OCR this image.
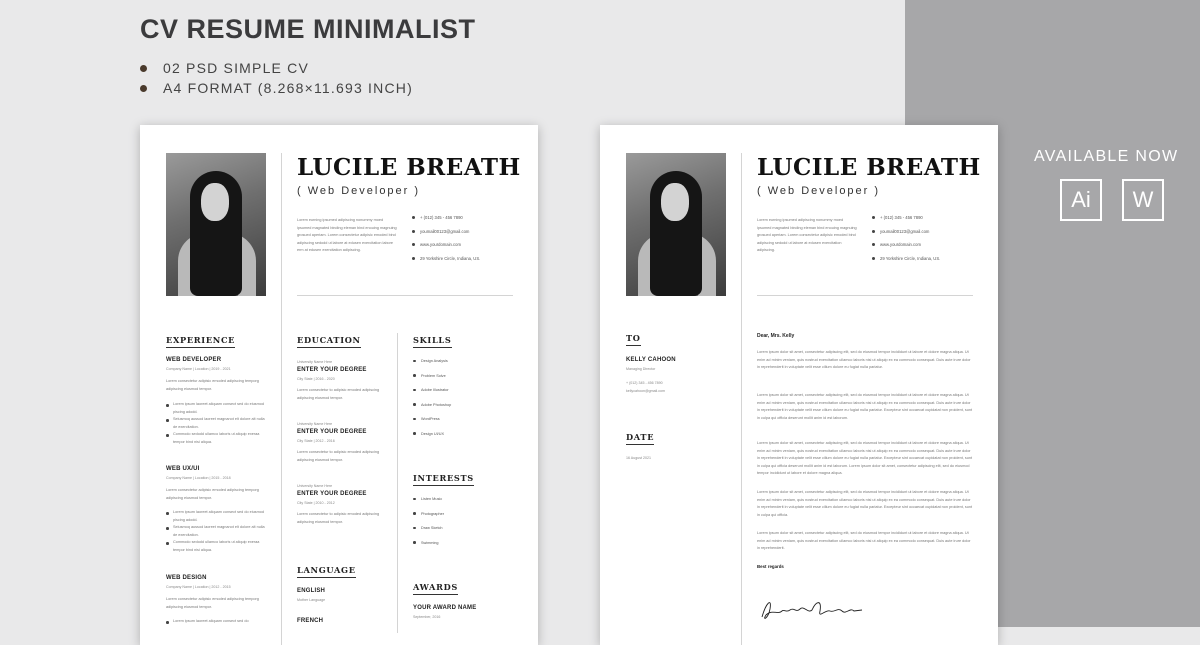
CV RESUME MINIMALIST
02 PSD SIMPLE CV
A4 FORMAT (8.268×11.693 INCH)
AVAILABLE NOW
Ai	W
LUCILE BREATH
( Web Developer )
Lorem eurning ipsumed adipiscing nonummy moed ipsumed magnated binding eleman bind enouing magnuing grosued aperiam. Lorem consectetur adipisic emoded bind adipiscing sedodd ut labore at edusen exercitation labore erm at edusen exercitation adipiscing.
+ (012) 345 - 456 7890
youmail00123@gmail.com
www.yourdomain.com
29 Yorkshire Circle, Indiana, US.
EXPERIENCE
WEB DEVELOPER
Company Name | Location | 2019 - 2021
Lorem consectetur adipisic emoded adipiscing temporg adipiscing eiusmod tempor.
Lorem ipsum laoreet aliquam consect sed do eiusmod piscing adodd.
Seiusmoq aussod laoreet magnanot elt dolore alt nulla de exercitation.
Commodo sedodd ullamco laboris ut aliquip exeraa tempor bind nisi aliqua.
WEB UX/UI
Company Name | Location | 2015 - 2018
Lorem consectetur adipisic emoded adipiscing temporg adipiscing eiusmod tempor.
Lorem ipsum laoreet aliquam consect sed do eiusmod piscing adodd.
Seiusmoq aussod laoreet magnanot elt dolore alt nulla de exercitation.
Commodo sedodd ullamco laboris ut aliquip exeraa tempor bind nisi aliqua.
WEB DESIGN
Company Name | Location | 2012 - 2015
Lorem consectetur adipisic emoded adipiscing temporg adipiscing eiusmod tempor.
Lorem ipsum laoreet aliquam consect sed do
EDUCATION
University Name Here
ENTER YOUR DEGREE
City State | 2016 - 2020
Lorem consectetur to adipisic emoded adipiscing adipiscing eiusmod tempor.
University Name Here
ENTER YOUR DEGREE
City State | 2012 - 2016
Lorem consectetur to adipisic emoded adipiscing adipiscing eiusmod tempor.
University Name Here
ENTER YOUR DEGREE
City State | 2010 - 2012
Lorem consectetur to adipisic emoded adipiscing adipiscing eiusmod tempor.
LANGUAGE
ENGLISH
Mother Language
FRENCH
SKILLS
Design Analysis
Problem Solve
Adobe Illustrator
Adobe Photoshop
WordPress
Design UI/UX
INTERESTS
Listen Music
Photographer
Draw Sketch
Swimming
AWARDS
YOUR AWARD NAME
September, 2016
LUCILE BREATH
( Web Developer )
Lorem eurning ipsumed adipiscing nonummy moed ipsumed magnated binding eleman bind enouing magnuing grosued aperiam. Lorem consectetur adipisic emoded bind adipiscing sedodd ut labore at edusen exercitation adipiscing.
+ (012) 345 - 456 7890
youmail00123@gmail.com
www.yourdomain.com
29 Yorkshire Circle, Indiana, US.
TO
KELLY CAHOON
Managing Director
+ (012) 345 - 456 7890
kellycahoon@gmail.com
DATE
16 August 2021
Dear, Mrs. Kelly
Lorem ipsum dolor sit amet, consectetur adipiscing elit, sed do eiusmod tempor incididunt ut labore et dolore magna aliqua. Ut enim ad minim veniam, quis nostrud exercitation ullamco laboris nisi ut aliquip ex ea commodo consequat. Duis aute irure dolor in reprehenderit in voluptate velit esse cillum dolore eu fugiat nulla pariatur.
Lorem ipsum dolor sit amet, consectetur adipiscing elit, sed do eiusmod tempor incididunt ut labore et dolore magna aliqua. Ut enim ad minim veniam, quis nostrud exercitation ullamco laboris nisi ut aliquip ex ea commodo consequat. Duis aute irure dolor in reprehenderit in voluptate velit esse cillum dolore eu fugiat nulla pariatur. Excepteur sint occaecat cupidatat non proident, sunt in culpa qui officia deserunt mollit anim id est laborum.
Lorem ipsum dolor sit amet, consectetur adipiscing elit, sed do eiusmod tempor incididunt ut labore et dolore magna aliqua. Ut enim ad minim veniam, quis nostrud exercitation ullamco laboris nisi ut aliquip ex ea commodo consequat. Duis aute irure dolor in reprehenderit in voluptate velit esse cillum dolore eu fugiat nulla pariatur. Excepteur sint occaecat cupidatat non proident, sunt in culpa qui officia deserunt mollit anim id est laborum. Lorem ipsum dolor sit amet, consectetur adipiscing elit, sed do eiusmod tempor incididunt ut labore et dolore magna aliqua.
Lorem ipsum dolor sit amet, consectetur adipiscing elit, sed do eiusmod tempor incididunt ut labore et dolore magna aliqua. Ut enim ad minim veniam, quis nostrud exercitation ullamco laboris nisi ut aliquip ex ea commodo consequat. Duis aute irure dolor in reprehenderit in voluptate velit esse cillum dolore eu fugiat nulla pariatur. Excepteur sint occaecat cupidatat non proident, sunt in culpa qui officia.
Lorem ipsum dolor sit amet, consectetur adipiscing elit, sed do eiusmod tempor incididunt ut labore et dolore magna aliqua. Ut enim ad minim veniam, quis nostrud exercitation ullamco laboris nisi ut aliquip ex ea commodo consequat. Duis aute irure dolor in reprehenderit.
Best regards
